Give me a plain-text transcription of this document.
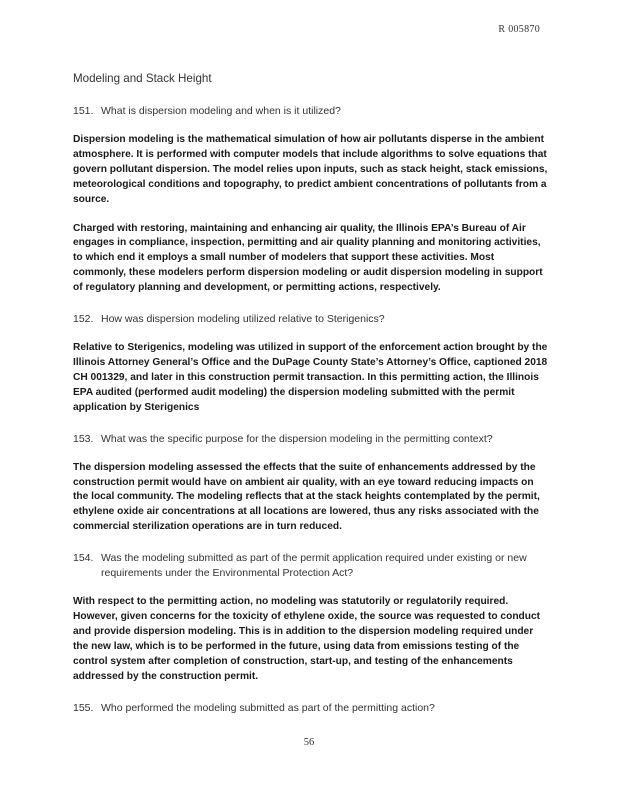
R 005870
Modeling and Stack Height
151. What is dispersion modeling and when is it utilized?

Dispersion modeling is the mathematical simulation of how air pollutants disperse in the ambient atmosphere. It is performed with computer models that include algorithms to solve equations that govern pollutant dispersion. The model relies upon inputs, such as stack height, stack emissions, meteorological conditions and topography, to predict ambient concentrations of pollutants from a source.

Charged with restoring, maintaining and enhancing air quality, the Illinois EPA’s Bureau of Air engages in compliance, inspection, permitting and air quality planning and monitoring activities, to which end it employs a small number of modelers that support these activities. Most commonly, these modelers perform dispersion modeling or audit dispersion modeling in support of regulatory planning and development, or permitting actions, respectively.

152. How was dispersion modeling utilized relative to Sterigenics?

Relative to Sterigenics, modeling was utilized in support of the enforcement action brought by the Illinois Attorney General’s Office and the DuPage County State’s Attorney’s Office, captioned 2018 CH 001329, and later in this construction permit transaction. In this permitting action, the Illinois EPA audited (performed audit modeling) the dispersion modeling submitted with the permit application by Sterigenics

153. What was the specific purpose for the dispersion modeling in the permitting context?

The dispersion modeling assessed the effects that the suite of enhancements addressed by the construction permit would have on ambient air quality, with an eye toward reducing impacts on the local community. The modeling reflects that at the stack heights contemplated by the permit, ethylene oxide air concentrations at all locations are lowered, thus any risks associated with the commercial sterilization operations are in turn reduced.

154. Was the modeling submitted as part of the permit application required under existing or new requirements under the Environmental Protection Act?

With respect to the permitting action, no modeling was statutorily or regulatorily required. However, given concerns for the toxicity of ethylene oxide, the source was requested to conduct and provide dispersion modeling. This is in addition to the dispersion modeling required under the new law, which is to be performed in the future, using data from emissions testing of the control system after completion of construction, start-up, and testing of the enhancements addressed by the construction permit.

155. Who performed the modeling submitted as part of the permitting action?
56
